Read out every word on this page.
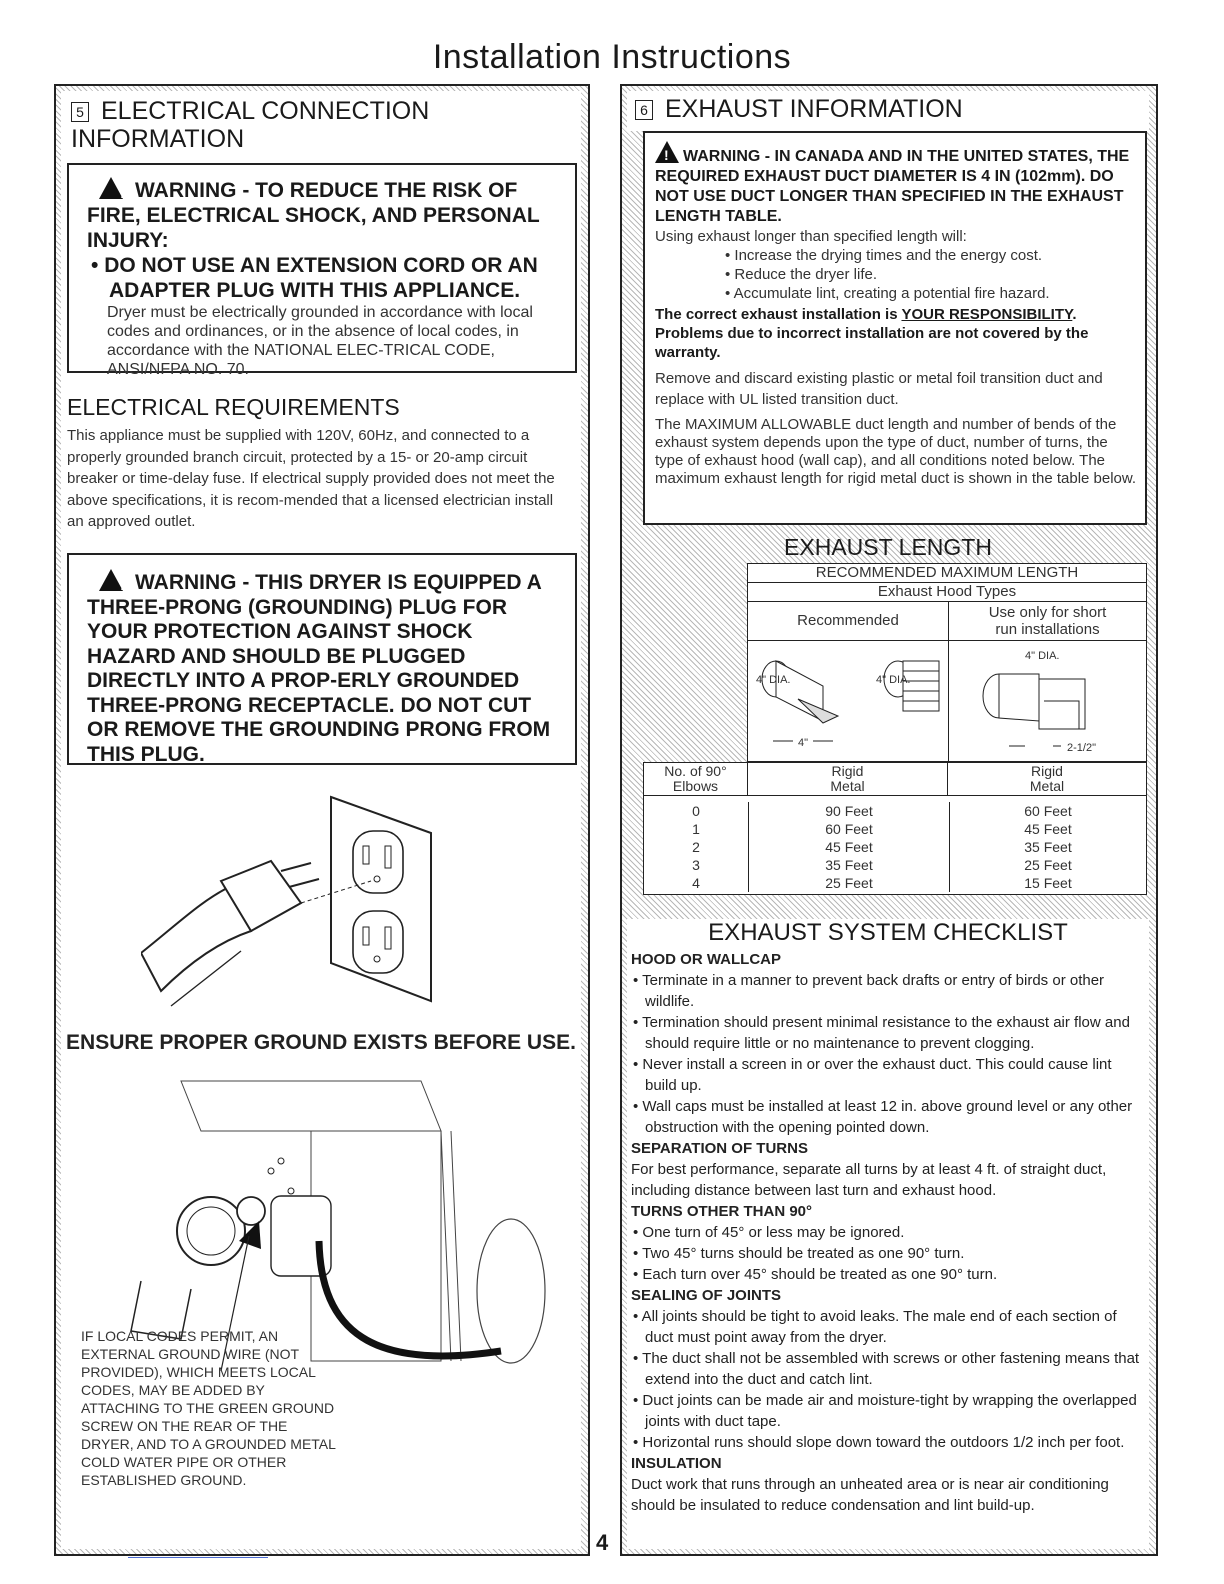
Installation Instructions
5 ELECTRICAL CONNECTION INFORMATION
!WARNING - TO REDUCE THE RISK OF FIRE, ELECTRICAL SHOCK, AND PERSONAL INJURY:
• DO NOT USE AN EXTENSION CORD OR AN ADAPTER PLUG WITH THIS APPLIANCE.
Dryer must be electrically grounded in accordance with local codes and ordinances, or in the absence of local codes, in accordance with the NATIONAL ELEC-TRICAL CODE, ANSI/NFPA NO. 70.
ELECTRICAL REQUIREMENTS
This appliance must be supplied with 120V, 60Hz, and connected to a properly grounded branch circuit, protected by a 15- or 20-amp circuit breaker or time-delay fuse. If electrical supply provided does not meet the above specifications, it is recom-mended that a licensed electrician install an approved outlet.
!WARNING - THIS DRYER IS EQUIPPED A THREE-PRONG (GROUNDING) PLUG FOR YOUR PROTECTION AGAINST SHOCK HAZARD AND SHOULD BE PLUGGED DIRECTLY INTO A PROP-ERLY GROUNDED THREE-PRONG RECEPTACLE. DO NOT CUT OR REMOVE THE GROUNDING PRONG FROM THIS PLUG.
ENSURE PROPER GROUND EXISTS BEFORE USE.
IF LOCAL CODES PERMIT, AN EXTERNAL GROUND WIRE (NOT PROVIDED), WHICH MEETS LOCAL CODES, MAY BE ADDED BY ATTACHING TO THE GREEN GROUND SCREW ON THE REAR OF THE DRYER, AND TO A GROUNDED METAL COLD WATER PIPE OR OTHER ESTABLISHED GROUND.
4
6 EXHAUST INFORMATION
!WARNING - IN CANADA AND IN THE UNITED STATES, THE REQUIRED EXHAUST DUCT DIAMETER IS 4 IN (102mm). DO NOT USE DUCT LONGER THAN SPECIFIED IN THE EXHAUST LENGTH TABLE.
Using exhaust longer than specified length will:
• Increase the drying times and the energy cost.
• Reduce the dryer life.
• Accumulate lint, creating a potential fire hazard.
The correct exhaust installation is YOUR RESPONSIBILITY. Problems due to incorrect installation are not covered by the warranty.
Remove and discard existing plastic or metal foil transition duct and replace with UL listed transition duct.
The MAXIMUM ALLOWABLE duct length and number of bends of the exhaust system depends upon the type of duct, number of turns, the type of exhaust hood (wall cap), and all conditions noted below. The maximum exhaust length for rigid metal duct is shown in the table below.
EXHAUST LENGTH
RECOMMENDED MAXIMUM LENGTH
Exhaust Hood Types
Recommended	Use only for short run installations
4" DIA.	4" DIA.
4"
4" DIA.
2-1/2"
No. of 90° Elbows
Rigid Metal
Rigid Metal
0
1
2
3
4
90 Feet
60 Feet
45 Feet
35 Feet
25 Feet
60 Feet
45 Feet
35 Feet
25 Feet
15 Feet
EXHAUST SYSTEM CHECKLIST
HOOD OR WALLCAP
• Terminate in a manner to prevent back drafts or entry of birds or other wildlife.
• Termination should present minimal resistance to the exhaust air flow and should require little or no maintenance to prevent clogging.
• Never install a screen in or over the exhaust duct. This could cause lint build up.
• Wall caps must be installed at least 12 in. above ground level or any other obstruction with the opening pointed down.
SEPARATION OF TURNS
For best performance, separate all turns by at least 4 ft. of straight duct, including distance between last turn and exhaust hood.
TURNS OTHER THAN 90°
• One turn of 45° or less may be ignored.
• Two 45° turns should be treated as one 90° turn.
• Each turn over 45° should be treated as one 90° turn.
SEALING OF JOINTS
• All joints should be tight to avoid leaks. The male end of each section of duct must point away from the dryer.
• The duct shall not be assembled with screws or other fastening means that extend into the duct and catch lint.
• Duct joints can be made air and moisture-tight by wrapping the overlapped joints with duct tape.
• Horizontal runs should slope down toward the outdoors 1/2 inch per foot.
INSULATION
Duct work that runs through an unheated area or is near air conditioning should be insulated to reduce condensation and lint build-up.
